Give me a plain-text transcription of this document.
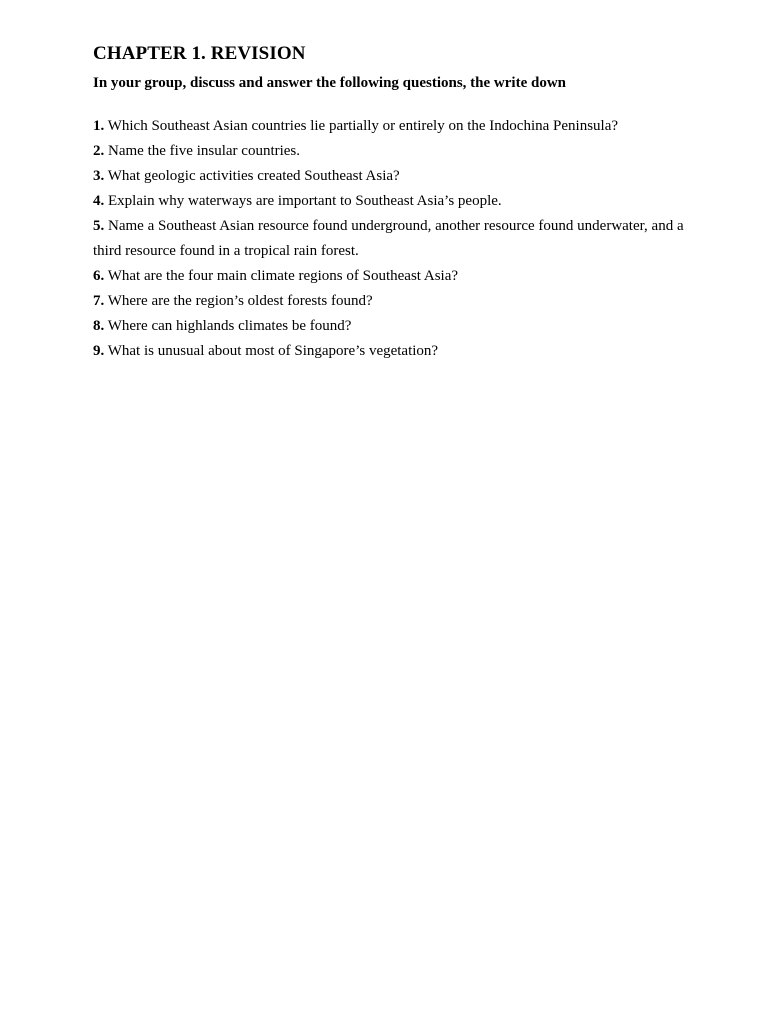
CHAPTER 1. REVISION

In your group, discuss and answer the following questions, the write down

1. Which Southeast Asian countries lie partially or entirely on the Indochina Peninsula?
2. Name the five insular countries.
3. What geologic activities created Southeast Asia?
4. Explain why waterways are important to Southeast Asia’s people.
5. Name a Southeast Asian resource found underground, another resource found underwater, and a third resource found in a tropical rain forest.
6. What are the four main climate regions of Southeast Asia?
7. Where are the region’s oldest forests found?
8. Where can highlands climates be found?
9. What is unusual about most of Singapore’s vegetation?
